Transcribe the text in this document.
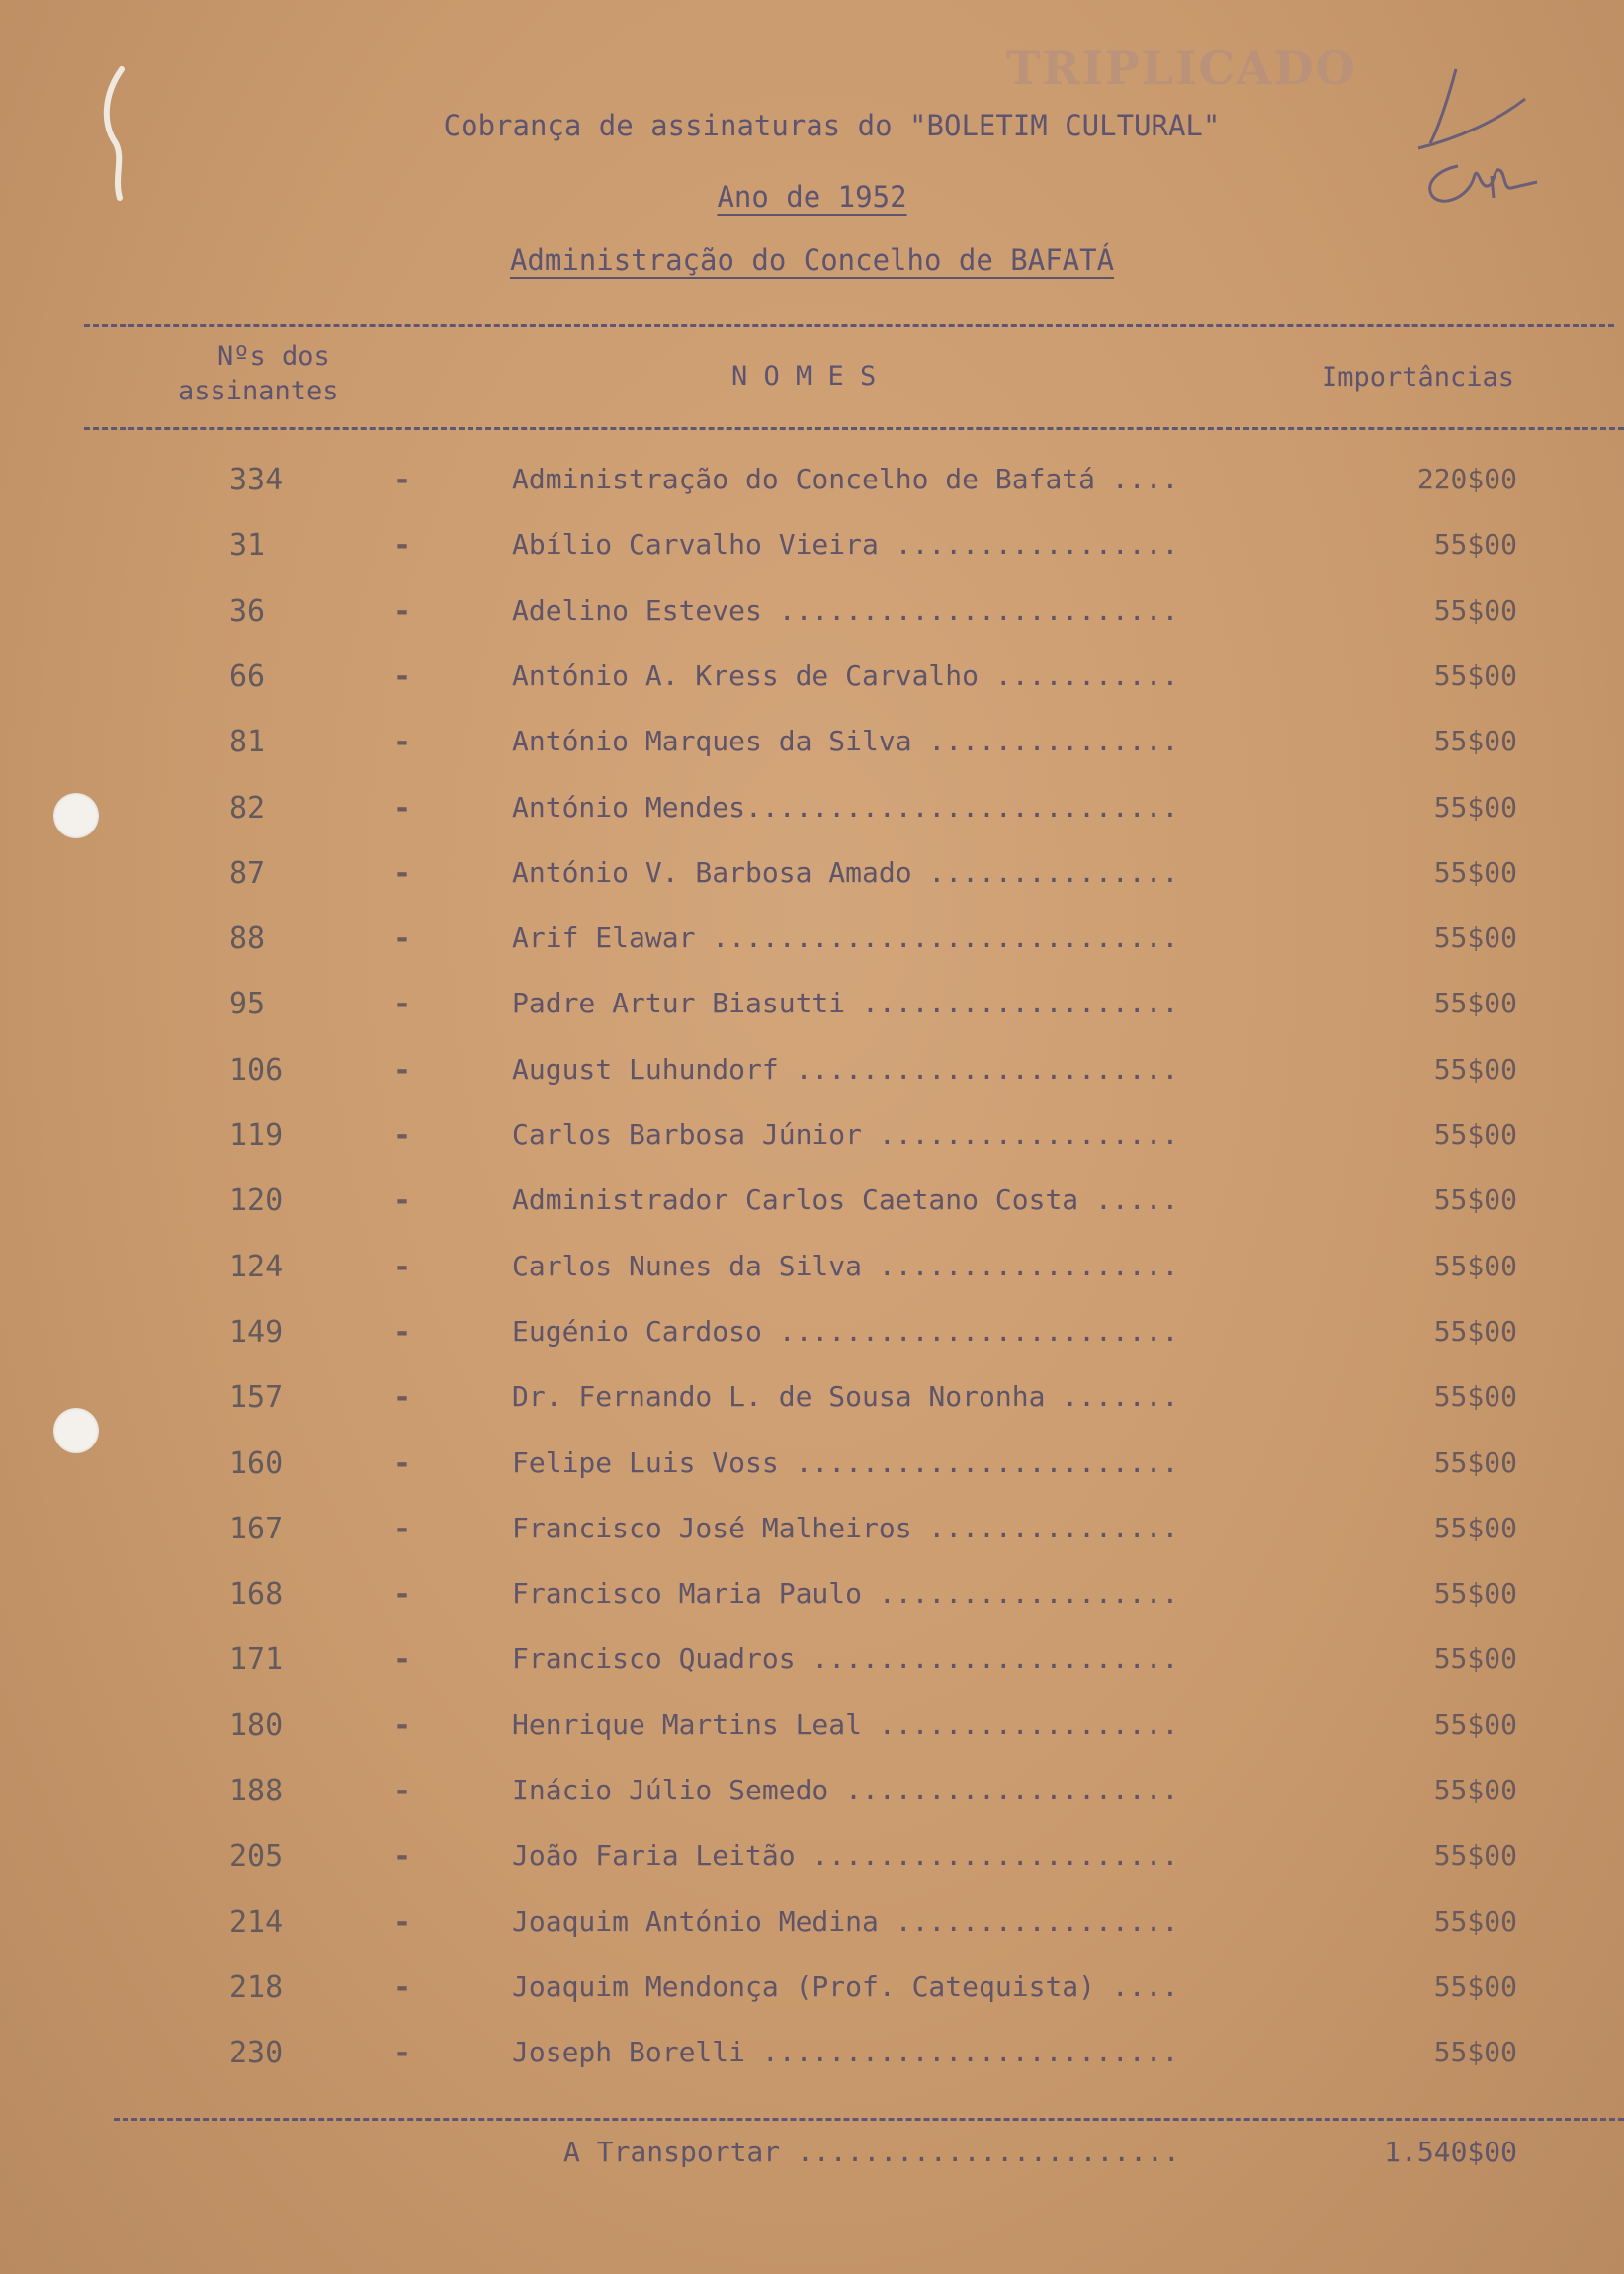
TRIPLICADO
Cobrança de assinaturas do "BOLETIM CULTURAL"
Ano de 1952
Administração do Concelho de BAFATÁ
Nºs dos
assinantes	N O M E S	Importâncias
334	-	Administração do Concelho de Bafatá ....	220$00
31	-	Abílio Carvalho Vieira .................	55$00
36	-	Adelino Esteves ........................	55$00
66	-	António A. Kress de Carvalho ...........	55$00
81	-	António Marques da Silva ...............	55$00
82	-	António Mendes..........................	55$00
87	-	António V. Barbosa Amado ...............	55$00
88	-	Arif Elawar ............................	55$00
95	-	Padre Artur Biasutti ...................	55$00
106	-	August Luhundorf .......................	55$00
119	-	Carlos Barbosa Júnior ..................	55$00
120	-	Administrador Carlos Caetano Costa .....	55$00
124	-	Carlos Nunes da Silva ..................	55$00
149	-	Eugénio Cardoso ........................	55$00
157	-	Dr. Fernando L. de Sousa Noronha .......	55$00
160	-	Felipe Luis Voss .......................	55$00
167	-	Francisco José Malheiros ...............	55$00
168	-	Francisco Maria Paulo ..................	55$00
171	-	Francisco Quadros ......................	55$00
180	-	Henrique Martins Leal ..................	55$00
188	-	Inácio Júlio Semedo ....................	55$00
205	-	João Faria Leitão ......................	55$00
214	-	Joaquim António Medina .................	55$00
218	-	Joaquim Mendonça (Prof. Catequista) ....	55$00
230	-	Joseph Borelli .........................	55$00
A Transportar .......................	1.540$00
